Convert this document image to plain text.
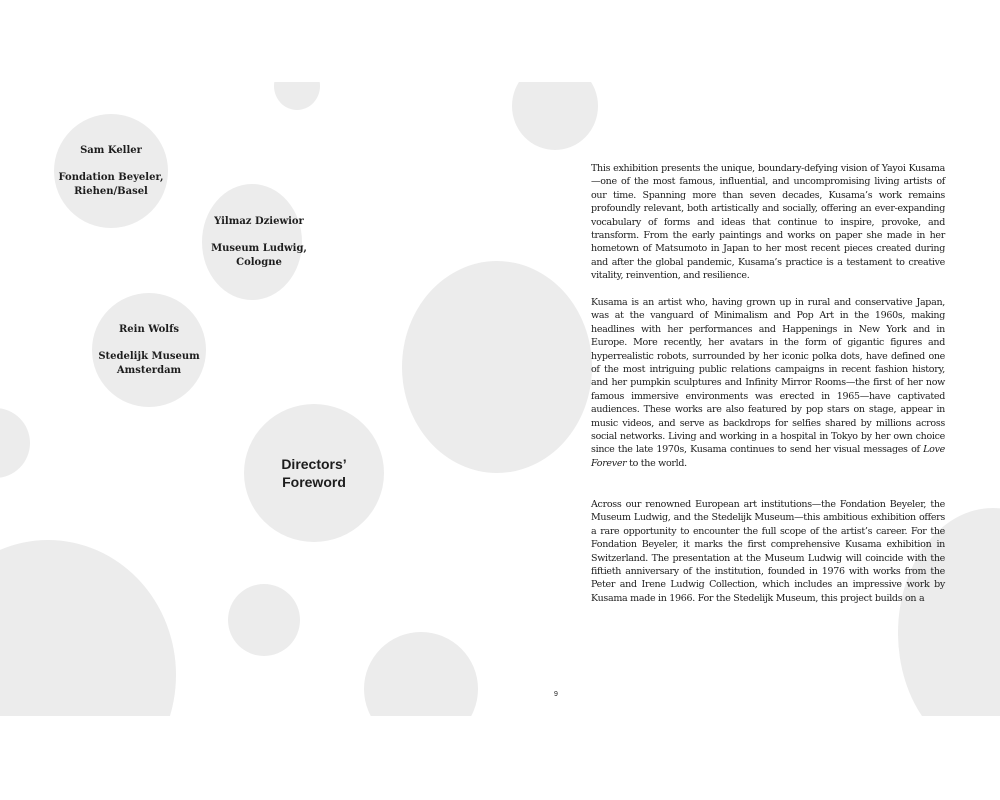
Sam Keller

Fondation Beyeler,
Riehen/Basel

Yilmaz Dziewior

Museum Ludwig,
Cologne

Rein Wolfs

Stedelijk Museum
Amsterdam

Directors’
Foreword
This exhibition presents the unique, boundary-defying vision of Yayoi Kusama—one of the most famous, influential, and uncompromising living artists of our time. Spanning more than seven decades, Kusama’s work remains profoundly relevant, both artistically and socially, offering an ever-expanding vocabulary of forms and ideas that continue to inspire, provoke, and transform. From the early paintings and works on paper she made in her hometown of Matsumoto in Japan to her most recent pieces created during and after the global pandemic, Kusama’s practice is a testament to creative vitality, reinvention, and resilience.
Kusama is an artist who, having grown up in rural and conservative Japan, was at the vanguard of Minimalism and Pop Art in the 1960s, making headlines with her performances and Happenings in New York and in Europe. More recently, her avatars in the form of gigantic figures and hyperrealistic robots, surrounded by her iconic polka dots, have defined one of the most intriguing public relations campaigns in recent fashion history, and her pumpkin sculptures and Infinity Mirror Rooms—the first of her now famous immersive environments was erected in 1965—have captivated audiences. These works are also featured by pop stars on stage, appear in music videos, and serve as backdrops for selfies shared by millions across social networks. Living and working in a hospital in Tokyo by her own choice since the late 1970s, Kusama continues to send her visual messages of Love Forever to the world.
Across our renowned European art institutions—the Fondation Beyeler, the Museum Ludwig, and the Stedelijk Museum—this ambitious exhibition offers a rare opportunity to encounter the full scope of the artist’s career. For the Fondation Beyeler, it marks the first comprehensive Kusama exhibition in Switzerland. The presentation at the Museum Ludwig will coincide with the fiftieth anniversary of the institution, founded in 1976 with works from the Peter and Irene Ludwig Collection, which includes an impressive work by Kusama made in 1966. For the Stedelijk Museum, this project builds on a
9
